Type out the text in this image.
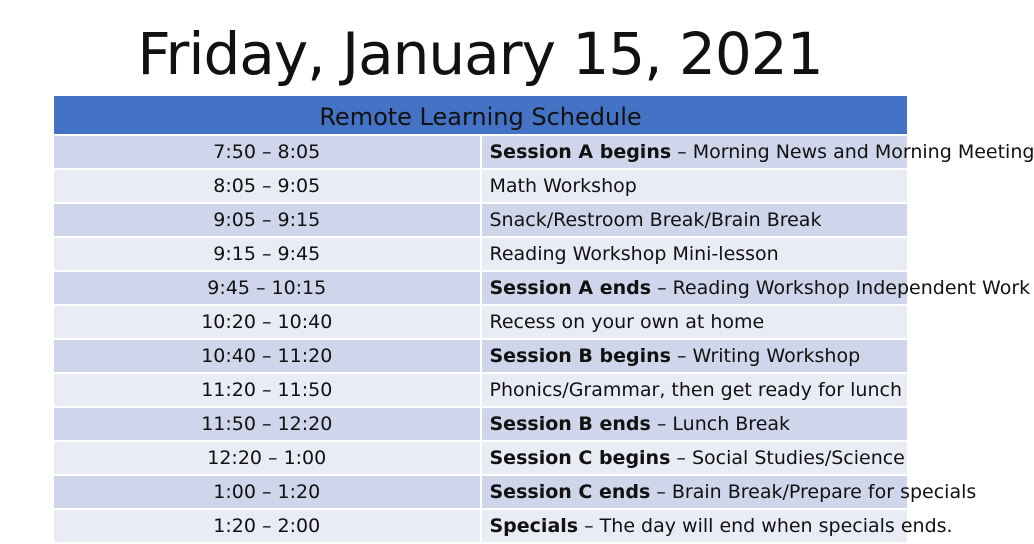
Friday, January 15, 2021
Remote Learning Schedule	
7:50 – 8:05	Session A begins – Morning News and Morning Meeting
8:05 – 9:05	Math Workshop
9:05 – 9:15	Snack/Restroom Break/Brain Break
9:15 – 9:45	Reading Workshop Mini-lesson
9:45 – 10:15	Session A ends – Reading Workshop Independent Work
10:20 – 10:40	Recess on your own at home
10:40 – 11:20	Session B begins – Writing Workshop
11:20 – 11:50	Phonics/Grammar, then get ready for lunch
11:50 – 12:20	Session B ends – Lunch Break
12:20 – 1:00	Session C begins – Social Studies/Science
1:00 – 1:20	Session C ends – Brain Break/Prepare for specials
1:20 – 2:00	Specials – The day will end when specials ends.
